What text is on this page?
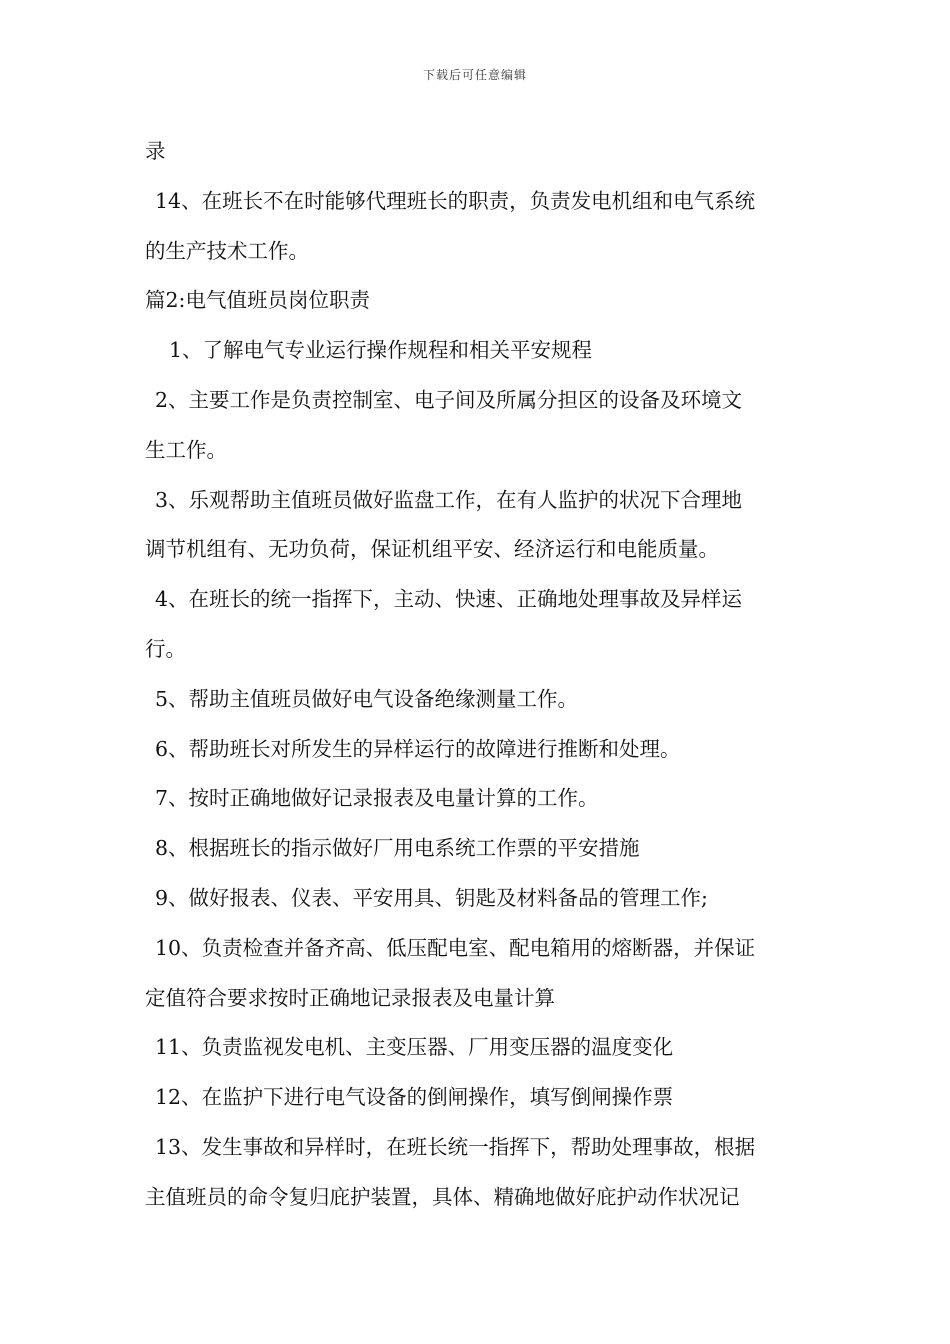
下载后可任意编辑
录
14、在班长不在时能够代理班长的职责，负责发电机组和电气系统
的生产技术工作。
篇2:电气值班员岗位职责
1、了解电气专业运行操作规程和相关平安规程
2、主要工作是负责控制室、电子间及所属分担区的设备及环境文
生工作。
3、乐观帮助主值班员做好监盘工作，在有人监护的状况下合理地
调节机组有、无功负荷，保证机组平安、经济运行和电能质量。
4、在班长的统一指挥下，主动、快速、正确地处理事故及异样运
行。
5、帮助主值班员做好电气设备绝缘测量工作。
6、帮助班长对所发生的异样运行的故障进行推断和处理。
7、按时正确地做好记录报表及电量计算的工作。
8、根据班长的指示做好厂用电系统工作票的平安措施
9、做好报表、仪表、平安用具、钥匙及材料备品的管理工作;
10、负责检查并备齐高、低压配电室、配电箱用的熔断器，并保证
定值符合要求按时正确地记录报表及电量计算
11、负责监视发电机、主变压器、厂用变压器的温度变化
12、在监护下进行电气设备的倒闸操作，填写倒闸操作票
13、发生事故和异样时，在班长统一指挥下，帮助处理事故，根据
主值班员的命令复归庇护装置，具体、精确地做好庇护动作状况记
